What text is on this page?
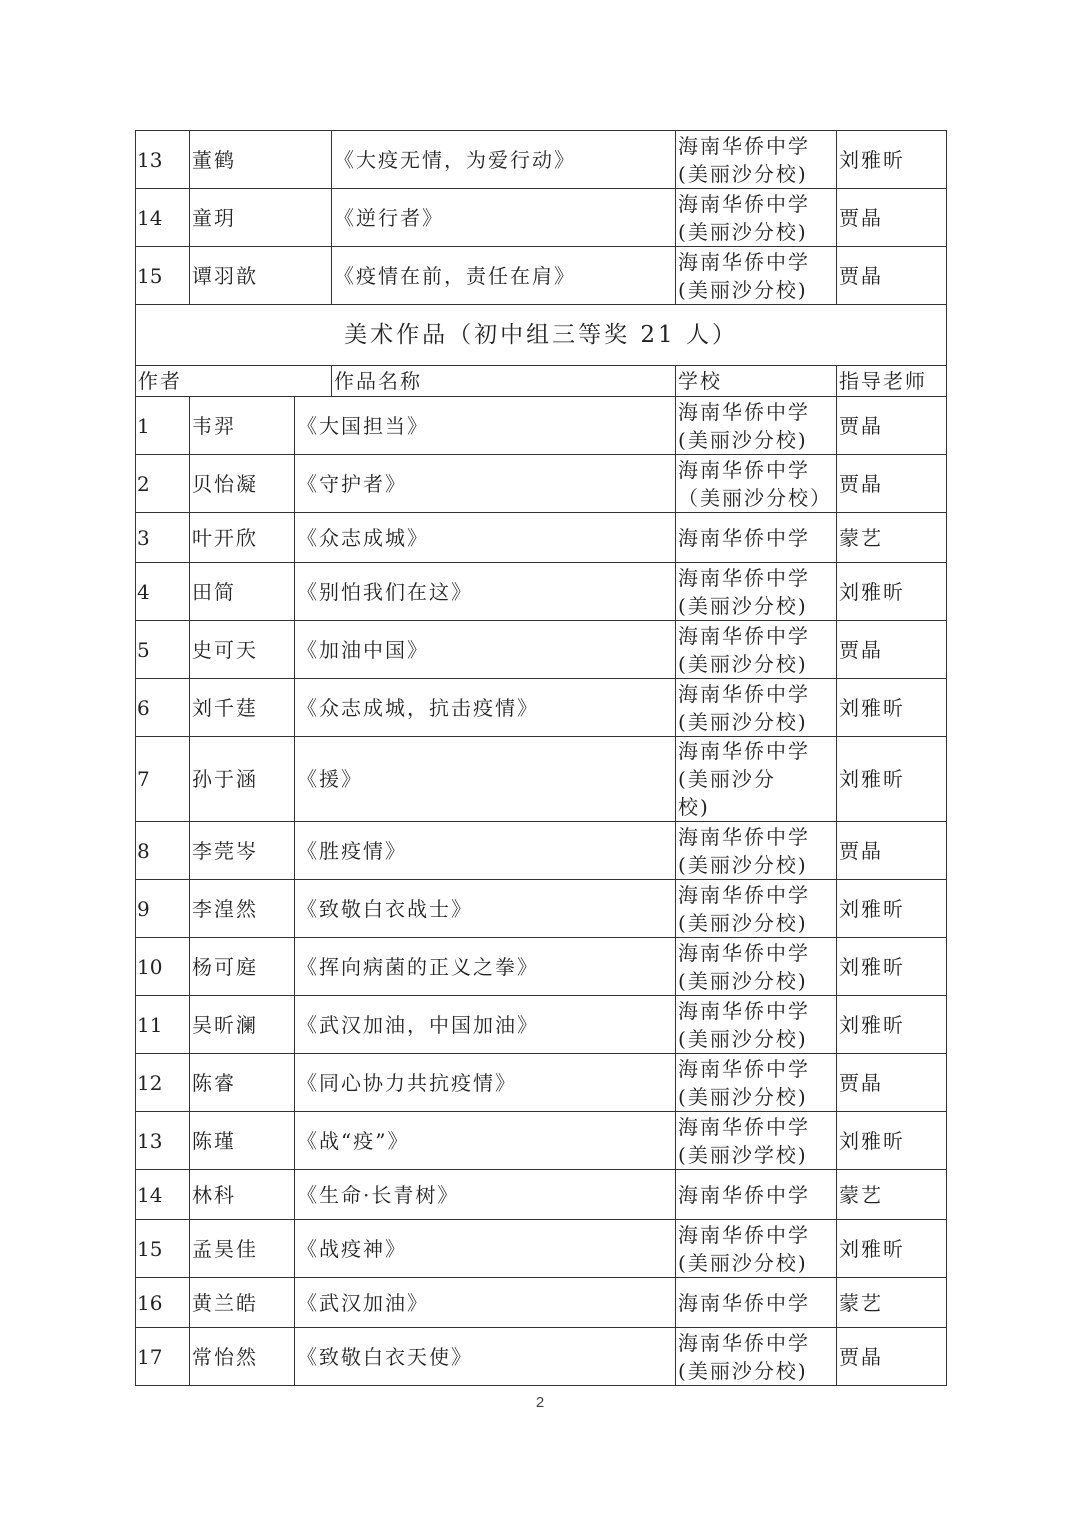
13	董鹤		《大疫无情，为爱行动》	海南华侨中学
(美丽沙分校)	刘雅昕
14	童玥		《逆行者》	海南华侨中学
(美丽沙分校)	贾晶
15	谭羽歆		《疫情在前，责任在肩》	海南华侨中学
(美丽沙分校)	贾晶
美术作品（初中组三等奖 21 人）					
作者			作品名称	学校	指导老师
1	韦羿	《大国担当》		海南华侨中学
(美丽沙分校)	贾晶
2	贝怡凝	《守护者》		海南华侨中学
（美丽沙分校）	贾晶
3	叶开欣	《众志成城》		海南华侨中学	蒙艺
4	田简	《别怕我们在这》		海南华侨中学
(美丽沙分校)	刘雅昕
5	史可天	《加油中国》		海南华侨中学
(美丽沙分校)	贾晶
6	刘千莛	《众志成城，抗击疫情》		海南华侨中学
(美丽沙分校)	刘雅昕
7	孙于涵	《援》		海南华侨中学(美丽沙分
校)	刘雅昕
8	李莞岑	《胜疫情》		海南华侨中学
(美丽沙分校)	贾晶
9	李湟然	《致敬白衣战士》		海南华侨中学
(美丽沙分校)	刘雅昕
10	杨可庭	《挥向病菌的正义之拳》		海南华侨中学
(美丽沙分校)	刘雅昕
11	吴昕澜	《武汉加油，中国加油》		海南华侨中学
(美丽沙分校)	刘雅昕
12	陈睿	《同心协力共抗疫情》		海南华侨中学
(美丽沙分校)	贾晶
13	陈瑾	《战“疫”》		海南华侨中学
(美丽沙学校)	刘雅昕
14	林科	《生命·长青树》		海南华侨中学	蒙艺
15	孟昊佳	《战疫神》		海南华侨中学
(美丽沙分校)	刘雅昕
16	黄兰皓	《武汉加油》		海南华侨中学	蒙艺
17	常怡然	《致敬白衣天使》		海南华侨中学
(美丽沙分校)	贾晶
2
